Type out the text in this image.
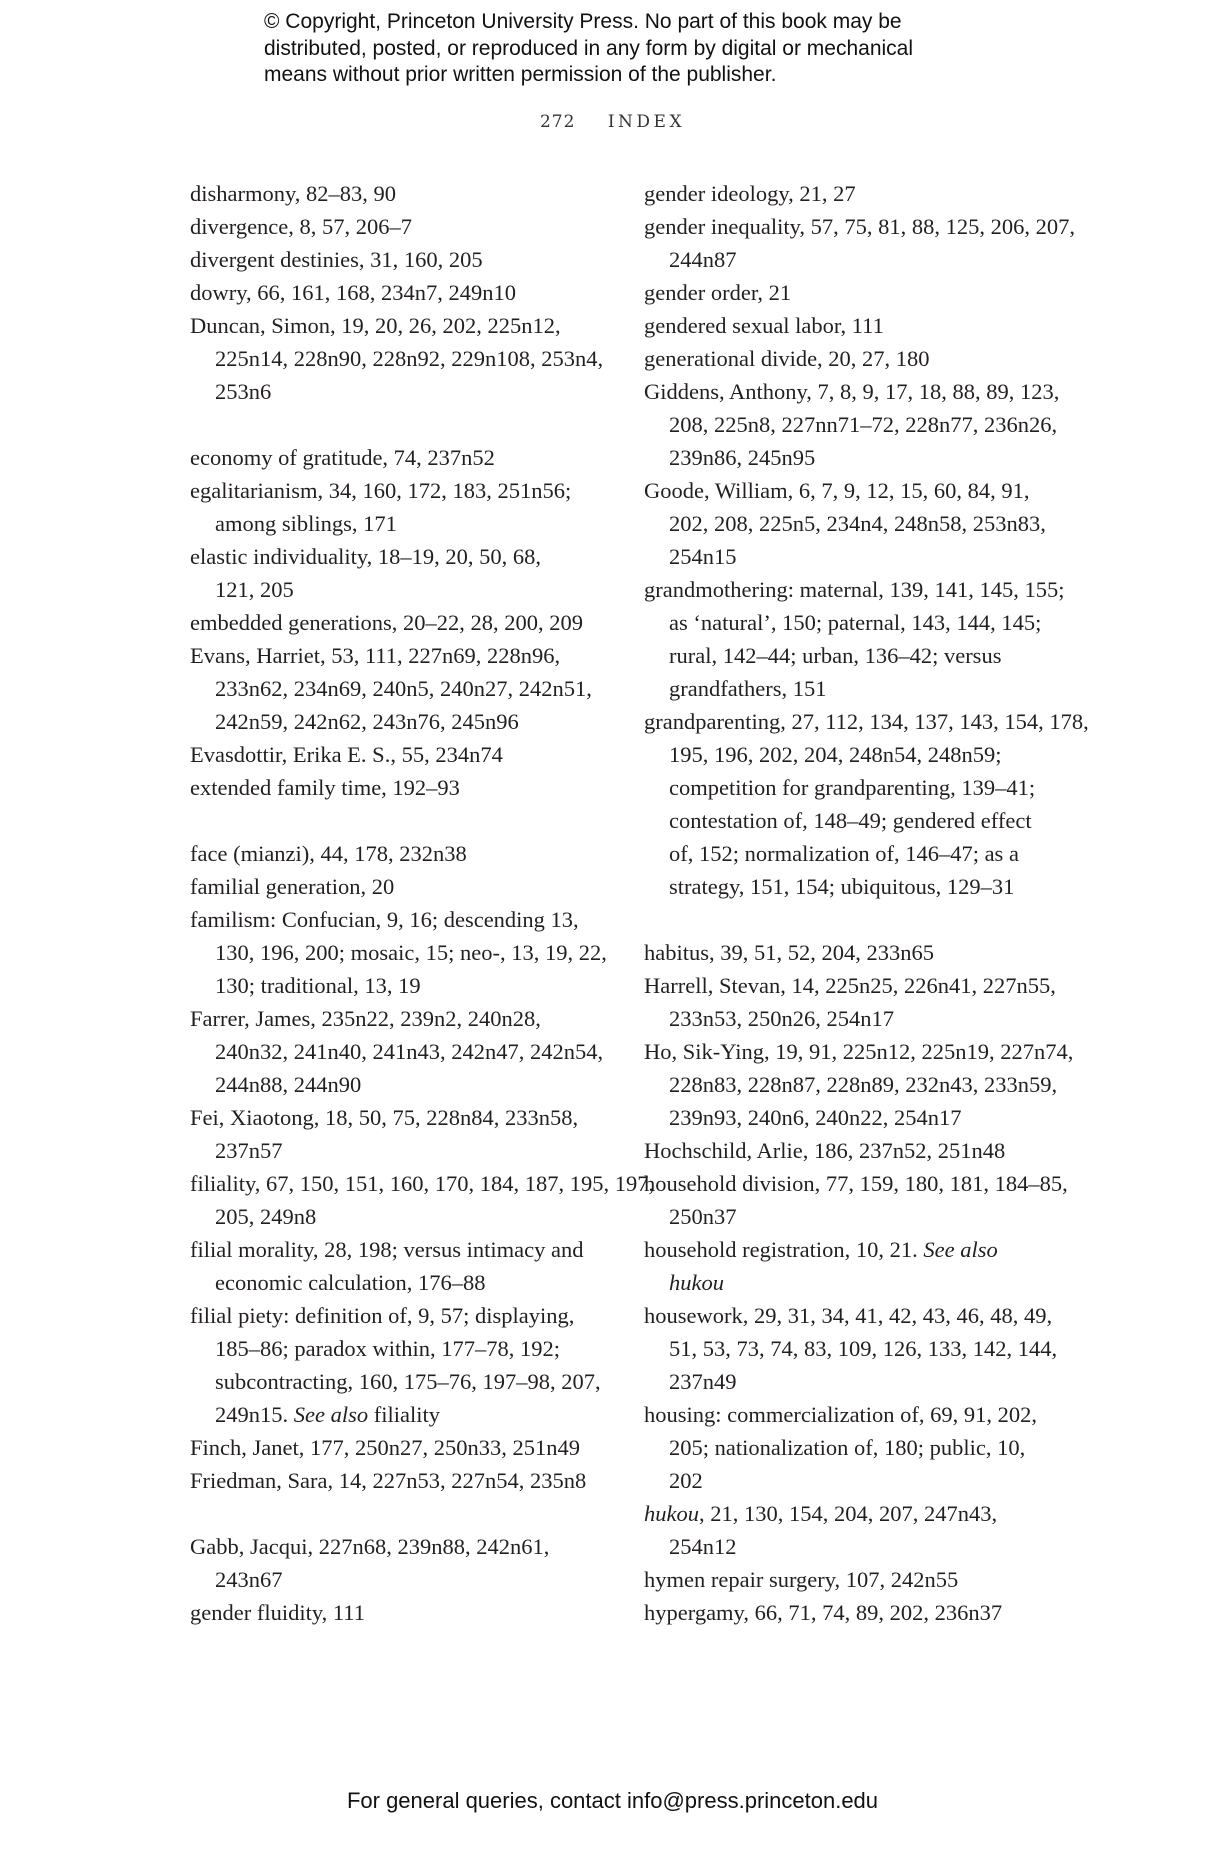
© Copyright, Princeton University Press. No part of this book may be
distributed, posted, or reproduced in any form by digital or mechanical
means without prior written permission of the publisher.
272 INDEX
disharmony, 82–83, 90
divergence, 8, 57, 206–7
divergent destinies, 31, 160, 205
dowry, 66, 161, 168, 234n7, 249n10
Duncan, Simon, 19, 20, 26, 202, 225n12,
225n14, 228n90, 228n92, 229n108, 253n4,
253n6
economy of gratitude, 74, 237n52
egalitarianism, 34, 160, 172, 183, 251n56;
among siblings, 171
elastic individuality, 18–19, 20, 50, 68,
121, 205
embedded generations, 20–22, 28, 200, 209
Evans, Harriet, 53, 111, 227n69, 228n96,
233n62, 234n69, 240n5, 240n27, 242n51,
242n59, 242n62, 243n76, 245n96
Evasdottir, Erika E. S., 55, 234n74
extended family time, 192–93
face (mianzi), 44, 178, 232n38
familial generation, 20
familism: Confucian, 9, 16; descending 13,
130, 196, 200; mosaic, 15; neo-, 13, 19, 22,
130; traditional, 13, 19
Farrer, James, 235n22, 239n2, 240n28,
240n32, 241n40, 241n43, 242n47, 242n54,
244n88, 244n90
Fei, Xiaotong, 18, 50, 75, 228n84, 233n58,
237n57
filiality, 67, 150, 151, 160, 170, 184, 187, 195, 197,
205, 249n8
filial morality, 28, 198; versus intimacy and
economic calculation, 176–88
filial piety: definition of, 9, 57; displaying,
185–86; paradox within, 177–78, 192;
subcontracting, 160, 175–76, 197–98, 207,
249n15. See also filiality
Finch, Janet, 177, 250n27, 250n33, 251n49
Friedman, Sara, 14, 227n53, 227n54, 235n8
Gabb, Jacqui, 227n68, 239n88, 242n61,
243n67
gender fluidity, 111
gender ideology, 21, 27
gender inequality, 57, 75, 81, 88, 125, 206, 207,
244n87
gender order, 21
gendered sexual labor, 111
generational divide, 20, 27, 180
Giddens, Anthony, 7, 8, 9, 17, 18, 88, 89, 123,
208, 225n8, 227nn71–72, 228n77, 236n26,
239n86, 245n95
Goode, William, 6, 7, 9, 12, 15, 60, 84, 91,
202, 208, 225n5, 234n4, 248n58, 253n83,
254n15
grandmothering: maternal, 139, 141, 145, 155;
as ‘natural’, 150; paternal, 143, 144, 145;
rural, 142–44; urban, 136–42; versus
grandfathers, 151
grandparenting, 27, 112, 134, 137, 143, 154, 178,
195, 196, 202, 204, 248n54, 248n59;
competition for grandparenting, 139–41;
contestation of, 148–49; gendered effect
of, 152; normalization of, 146–47; as a
strategy, 151, 154; ubiquitous, 129–31
habitus, 39, 51, 52, 204, 233n65
Harrell, Stevan, 14, 225n25, 226n41, 227n55,
233n53, 250n26, 254n17
Ho, Sik-Ying, 19, 91, 225n12, 225n19, 227n74,
228n83, 228n87, 228n89, 232n43, 233n59,
239n93, 240n6, 240n22, 254n17
Hochschild, Arlie, 186, 237n52, 251n48
household division, 77, 159, 180, 181, 184–85,
250n37
household registration, 10, 21. See also
hukou
housework, 29, 31, 34, 41, 42, 43, 46, 48, 49,
51, 53, 73, 74, 83, 109, 126, 133, 142, 144,
237n49
housing: commercialization of, 69, 91, 202,
205; nationalization of, 180; public, 10,
202
hukou, 21, 130, 154, 204, 207, 247n43,
254n12
hymen repair surgery, 107, 242n55
hypergamy, 66, 71, 74, 89, 202, 236n37
For general queries, contact info@press.princeton.edu
